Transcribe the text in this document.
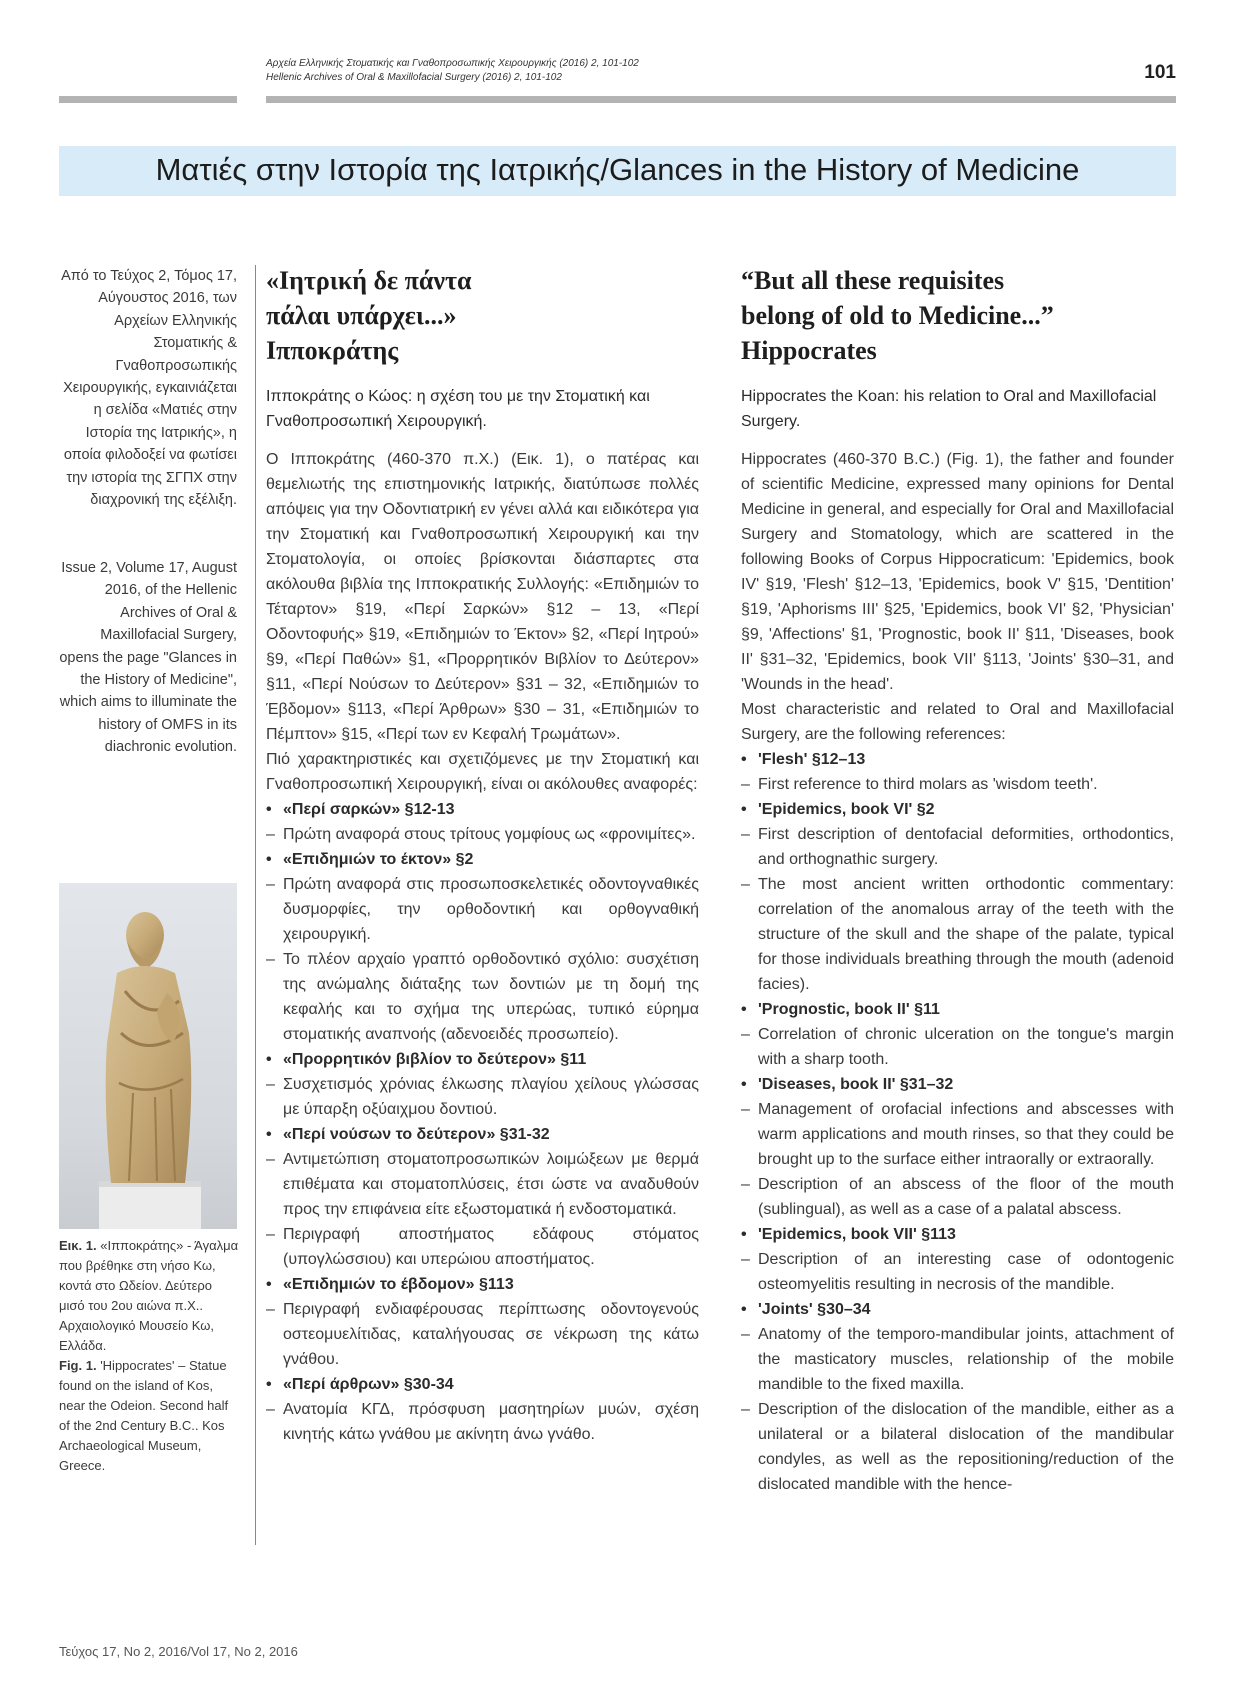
Αρχεία Ελληνικής Στοματικής και Γναθοπροσωπικής Χειρουργικής (2016) 2, 101-102
Hellenic Archives of Oral & Maxillofacial Surgery (2016) 2, 101-102	101
Ματιές στην Ιστορία της Ιατρικής/Glances in the History of Medicine
Από το Τεύχος 2, Τόμος 17, Αύγουστος 2016, των Αρχείων Ελληνικής Στοματικής & Γναθοπροσωπικής Χειρουργικής, εγκαινιάζεται η σελίδα «Ματιές στην Ιστορία της Ιατρικής», η οποία φιλοδοξεί να φωτίσει την ιστορία της ΣΓΠΧ στην διαχρονική της εξέλιξη.
Issue 2, Volume 17, August 2016, of the Hellenic Archives of Oral & Maxillofacial Surgery, opens the page "Glances in the History of Medicine", which aims to illuminate the history of OMFS in its diachronic evolution.
Εικ. 1. «Ιπποκράτης» - Άγαλμα που βρέθηκε στη νήσο Κω, κοντά στο Ωδείον. Δεύτερο μισό του 2ου αιώνα π.Χ.. Αρχαιολογικό Μουσείο Κω, Ελλάδα.
Fig. 1. 'Hippocrates' – Statue found on the island of Kos, near the Odeion. Second half of the 2nd Century B.C.. Kos Archaeological Museum, Greece.
«Ιητρική δε πάντα
πάλαι υπάρχει...»
Ιπποκράτης
Ιπποκράτης ο Κώος: η σχέση του με την Στοματική και Γναθοπροσωπική Χειρουργική.

Ο Ιπποκράτης (460-370 π.Χ.) (Εικ. 1), ο πατέρας και θεμελιωτής της επιστημονικής Ιατρικής, διατύπωσε πολλές απόψεις για την Οδοντιατρική εν γένει αλλά και ειδικότερα για την Στοματική και Γναθοπροσωπική Χειρουργική και την Στοματολογία, οι οποίες βρίσκονται διάσπαρτες στα ακόλουθα βιβλία της Ιπποκρατικής Συλλογής: «Επιδημιών το Τέταρτον» §19, «Περί Σαρκών» §12 – 13, «Περί Οδοντοφυής» §19, «Επιδημιών το Έκτον» §2, «Περί Ιητρού» §9, «Περί Παθών» §1, «Προρρητικόν Βιβλίον το Δεύτερον» §11, «Περί Νούσων το Δεύτερον» §31 – 32, «Επιδημιών το Έβδομον» §113, «Περί Άρθρων» §30 – 31, «Επιδημιών το Πέμπτον» §15, «Περί των εν Κεφαλή Τρωμάτων».

Πιό χαρακτηριστικές και σχετιζόμενες με την Στοματική και Γναθοπροσωπική Χειρουργική, είναι οι ακόλουθες αναφορές:

• «Περί σαρκών» §12-13
– Πρώτη αναφορά στους τρίτους γομφίους ως «φρονιμίτες».
• «Επιδημιών το έκτον» §2
– Πρώτη αναφορά στις προσωποσκελετικές οδοντογναθικές δυσμορφίες, την ορθοδοντική και ορθογναθική χειρουργική.
– Το πλέον αρχαίο γραπτό ορθοδοντικό σχόλιο: συσχέτιση της ανώμαλης διάταξης των δοντιών με τη δομή της κεφαλής και το σχήμα της υπερώας, τυπικό εύρημα στοματικής αναπνοής (αδενοειδές προσωπείο).
• «Προρρητικόν βιβλίον το δεύτερον» §11
– Συσχετισμός χρόνιας έλκωσης πλαγίου χείλους γλώσσας με ύπαρξη οξύαιχμου δοντιού.
• «Περί νούσων το δεύτερον» §31-32
– Αντιμετώπιση στοματοπροσωπικών λοιμώξεων με θερμά επιθέματα και στοματοπλύσεις, έτσι ώστε να αναδυθούν προς την επιφάνεια είτε εξωστοματικά ή ενδοστοματικά.
– Περιγραφή αποστήματος εδάφους στόματος (υπογλώσσιου) και υπερώιου αποστήματος.
• «Επιδημιών το έβδομον» §113
– Περιγραφή ενδιαφέρουσας περίπτωσης οδοντογενούς οστεομυελίτιδας, καταλήγουσας σε νέκρωση της κάτω γνάθου.
• «Περί άρθρων» §30-34
– Ανατομία ΚΓΔ, πρόσφυση μασητηρίων μυών, σχέση κινητής κάτω γνάθου με ακίνητη άνω γνάθο.
“But all these requisites
belong of old to Medicine...”
Hippocrates
Hippocrates the Koan: his relation to Oral and Maxillofacial Surgery.

Hippocrates (460-370 B.C.) (Fig. 1), the father and founder of scientific Medicine, expressed many opinions for Dental Medicine in general, and especially for Oral and Maxillofacial Surgery and Stomatology, which are scattered in the following Books of Corpus Hippocraticum: 'Epidemics, book IV' §19, 'Flesh' §12–13, 'Epidemics, book V' §15, 'Dentition' §19, 'Aphorisms III' §25, 'Epidemics, book VI' §2, 'Physician' §9, 'Affections' §1, 'Prognostic, book II' §11, 'Diseases, book II' §31–32, 'Epidemics, book VII' §113, 'Joints' §30–31, and 'Wounds in the head'.

Most characteristic and related to Oral and Maxillofacial Surgery, are the following references:

• 'Flesh' §12–13
– First reference to third molars as 'wisdom teeth'.
• 'Epidemics, book VI' §2
– First description of dentofacial deformities, orthodontics, and orthognathic surgery.
– The most ancient written orthodontic commentary: correlation of the anomalous array of the teeth with the structure of the skull and the shape of the palate, typical for those individuals breathing through the mouth (adenoid facies).
• 'Prognostic, book II' §11
– Correlation of chronic ulceration on the tongue's margin with a sharp tooth.
• 'Diseases, book II' §31–32
– Management of orofacial infections and abscesses with warm applications and mouth rinses, so that they could be brought up to the surface either intraorally or extraorally.
– Description of an abscess of the floor of the mouth (sublingual), as well as a case of a palatal abscess.
• 'Epidemics, book VII' §113
– Description of an interesting case of odontogenic osteomyelitis resulting in necrosis of the mandible.
• 'Joints' §30–34
– Anatomy of the temporo-mandibular joints, attachment of the masticatory muscles, relationship of the mobile mandible to the fixed maxilla.
– Description of the dislocation of the mandible, either as a unilateral or a bilateral dislocation of the mandibular condyles, as well as the repositioning/reduction of the dislocated mandible with the hence-
Τεύχος 17, No 2, 2016/Vol 17, No 2, 2016
